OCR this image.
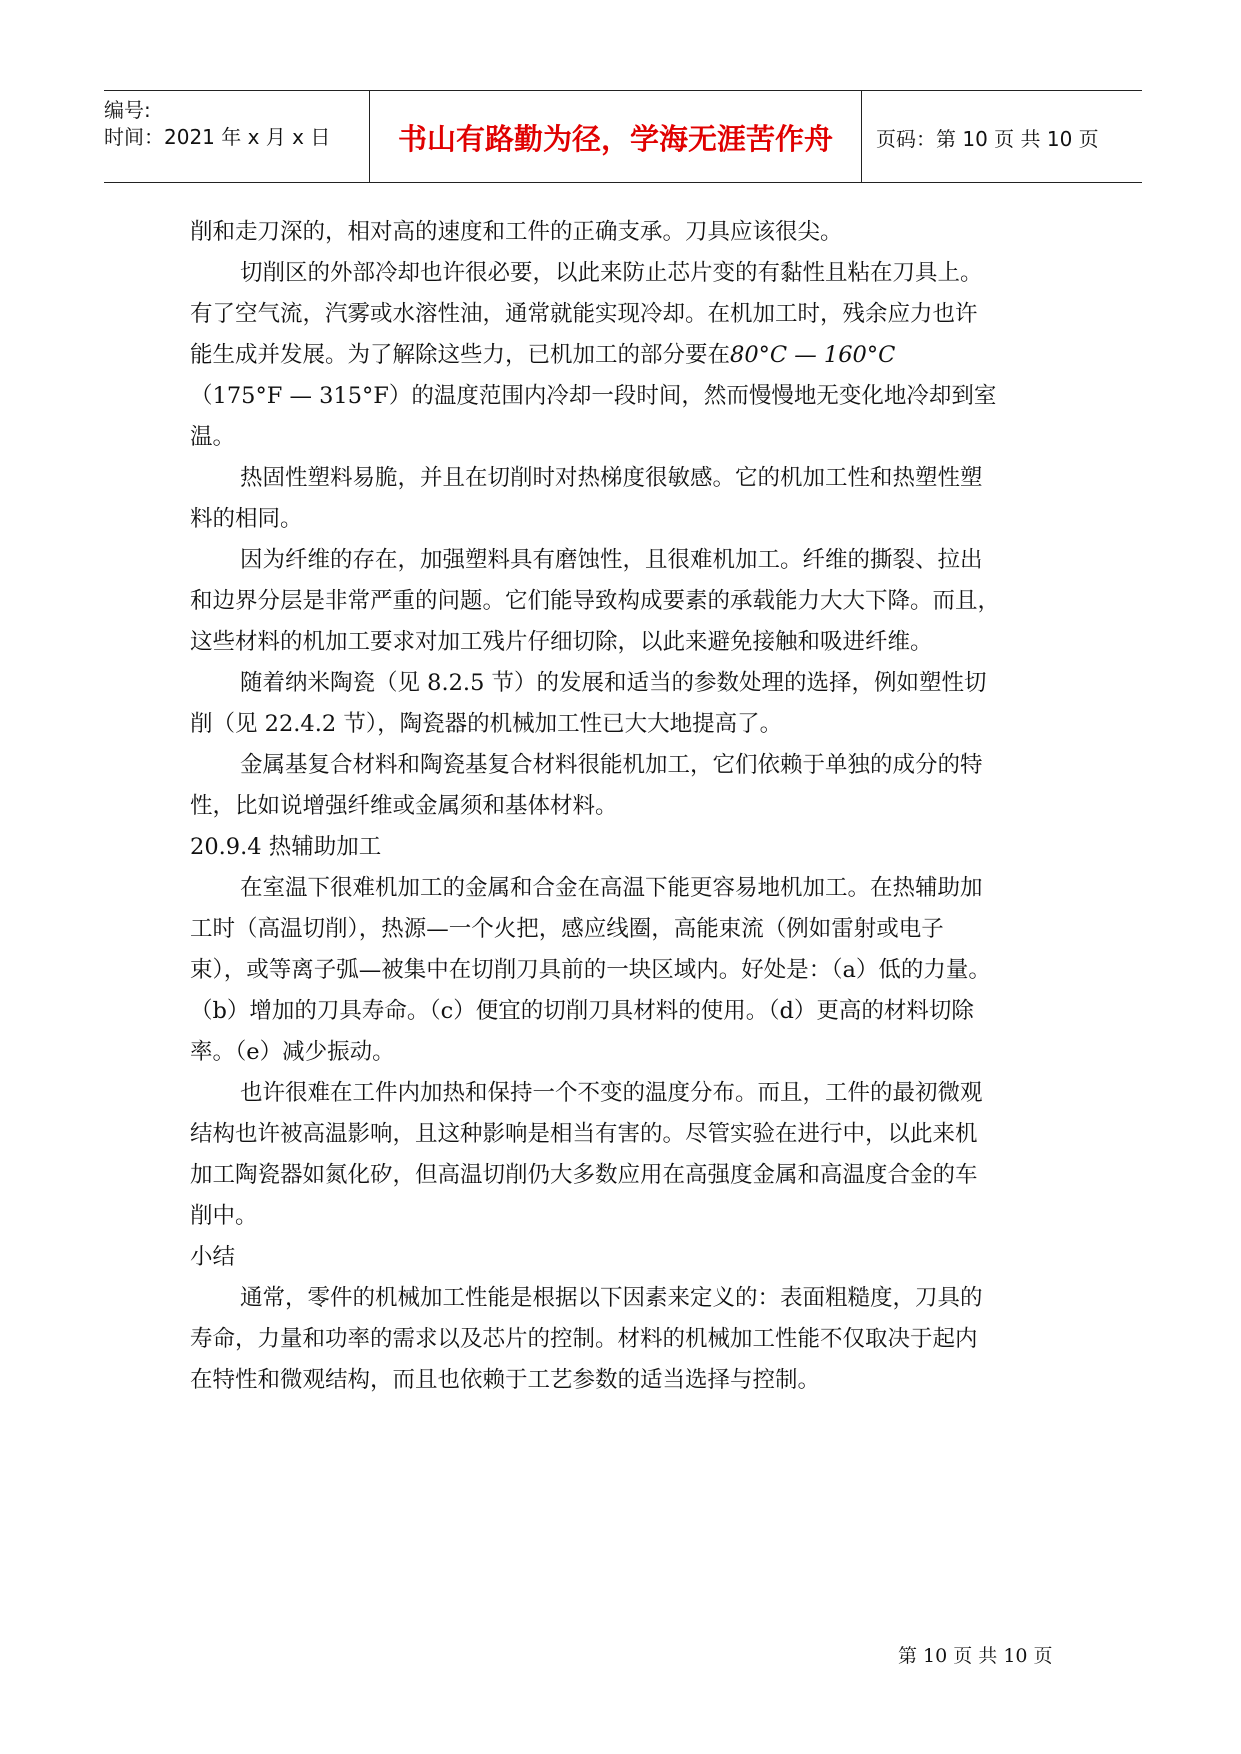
编号:
时间：2021 年 x 月 x 日	书山有路勤为径，学海无涯苦作舟	页码：第 10 页 共 10 页

削和走刀深的，相对高的速度和工件的正确支承。刀具应该很尖。

切削区的外部冷却也许很必要，以此来防止芯片变的有黏性且粘在刀具上。

有了空气流，汽雾或水溶性油，通常就能实现冷却。在机加工时，残余应力也许

能生成并发展。为了解除这些力，已机加工的部分要在80°C — 160°C

（175°F — 315°F）的温度范围内冷却一段时间，然而慢慢地无变化地冷却到室

温。

热固性塑料易脆，并且在切削时对热梯度很敏感。它的机加工性和热塑性塑

料的相同。

因为纤维的存在，加强塑料具有磨蚀性，且很难机加工。纤维的撕裂、拉出

和边界分层是非常严重的问题。它们能导致构成要素的承载能力大大下降。而且，

这些材料的机加工要求对加工残片仔细切除，以此来避免接触和吸进纤维。

随着纳米陶瓷（见 8.2.5 节）的发展和适当的参数处理的选择，例如塑性切

削（见 22.4.2 节），陶瓷器的机械加工性已大大地提高了。

金属基复合材料和陶瓷基复合材料很能机加工，它们依赖于单独的成分的特

性，比如说增强纤维或金属须和基体材料。

20.9.4 热辅助加工

在室温下很难机加工的金属和合金在高温下能更容易地机加工。在热辅助加

工时（高温切削），热源—一个火把，感应线圈，高能束流（例如雷射或电子

束），或等离子弧—被集中在切削刀具前的一块区域内。好处是：（a）低的力量。

（b）增加的刀具寿命。（c）便宜的切削刀具材料的使用。（d）更高的材料切除

率。（e）减少振动。

也许很难在工件内加热和保持一个不变的温度分布。而且，工件的最初微观

结构也许被高温影响，且这种影响是相当有害的。尽管实验在进行中，以此来机

加工陶瓷器如氮化矽，但高温切削仍大多数应用在高强度金属和高温度合金的车

削中。

小结

通常，零件的机械加工性能是根据以下因素来定义的：表面粗糙度，刀具的

寿命，力量和功率的需求以及芯片的控制。材料的机械加工性能不仅取决于起内

在特性和微观结构，而且也依赖于工艺参数的适当选择与控制。

第 10 页 共 10 页
